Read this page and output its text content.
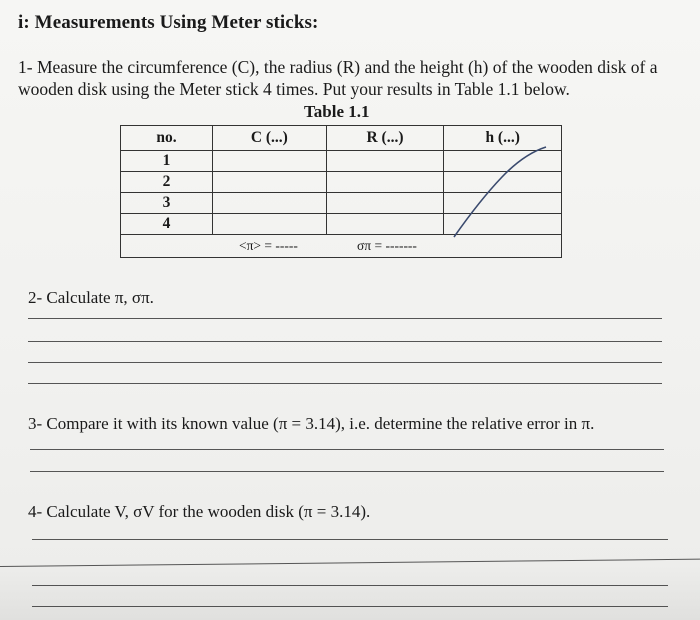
i: Measurements Using Meter sticks:
1- Measure the circumference (C), the radius (R) and the height (h) of the wooden disk of a wooden disk using the Meter stick 4 times. Put your results in Table 1.1 below.
Table 1.1
no.	C (...)	R (...)	h (...)
1			
2			
3			
4			

<π> = ----- σπ = -------			
2- Calculate π, σπ.
3- Compare it with its known value (π = 3.14), i.e. determine the relative error in π.
4- Calculate V, σV for the wooden disk (π = 3.14).
